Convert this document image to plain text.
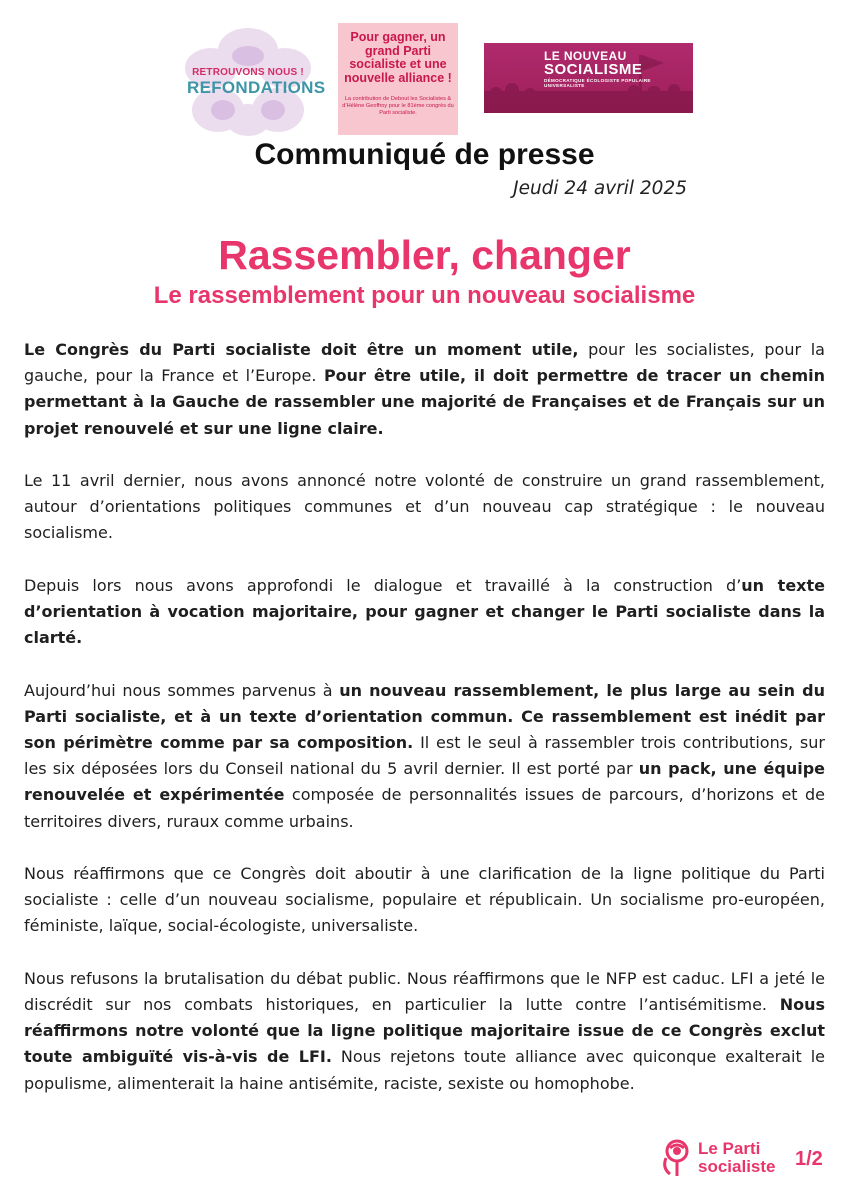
RETROUVONS NOUS !
REFONDATIONS
Pour gagner, un grand Parti socialiste et une nouvelle alliance !
La contribution de Debout les Socialistes & d’Hélène Geoffroy pour le 81ème congrès du Parti socialiste.
LE NOUVEAU
SOCIALISME
DÉMOCRATIQUE ÉCOLOGISTE POPULAIRE UNIVERSALISTE
Communiqué de presse
Jeudi 24 avril 2025
Rassembler, changer
Le rassemblement pour un nouveau socialisme

Le Congrès du Parti socialiste doit être un moment utile, pour les socialistes, pour la gauche, pour la France et l’Europe. Pour être utile, il doit permettre de tracer un chemin permettant à la Gauche de rassembler une majorité de Françaises et de Français sur un projet renouvelé et sur une ligne claire.

Le 11 avril dernier, nous avons annoncé notre volonté de construire un grand rassemblement, autour d’orientations politiques communes et d’un nouveau cap stratégique : le nouveau socialisme.

Depuis lors nous avons approfondi le dialogue et travaillé à la construction d’un texte d’orientation à vocation majoritaire, pour gagner et changer le Parti socialiste dans la clarté.

Aujourd’hui nous sommes parvenus à un nouveau rassemblement, le plus large au sein du Parti socialiste, et à un texte d’orientation commun. Ce rassemblement est inédit par son périmètre comme par sa composition. Il est le seul à rassembler trois contributions, sur les six déposées lors du Conseil national du 5 avril dernier. Il est porté par un pack, une équipe renouvelée et expérimentée composée de personnalités issues de parcours, d’horizons et de territoires divers, ruraux comme urbains.

Nous réaffirmons que ce Congrès doit aboutir à une clarification de la ligne politique du Parti socialiste : celle d’un nouveau socialisme, populaire et républicain. Un socialisme pro-européen, féministe, laïque, social-écologiste, universaliste.

Nous refusons la brutalisation du débat public. Nous réaffirmons que le NFP est caduc. LFI a jeté le discrédit sur nos combats historiques, en particulier la lutte contre l’antisémitisme. Nous réaffirmons notre volonté que la ligne politique majoritaire issue de ce Congrès exclut toute ambiguïté vis-à-vis de LFI. Nous rejetons toute alliance avec quiconque exalterait le populisme, alimenterait la haine antisémite, raciste, sexiste ou homophobe.

Le Parti
socialiste 1/2
